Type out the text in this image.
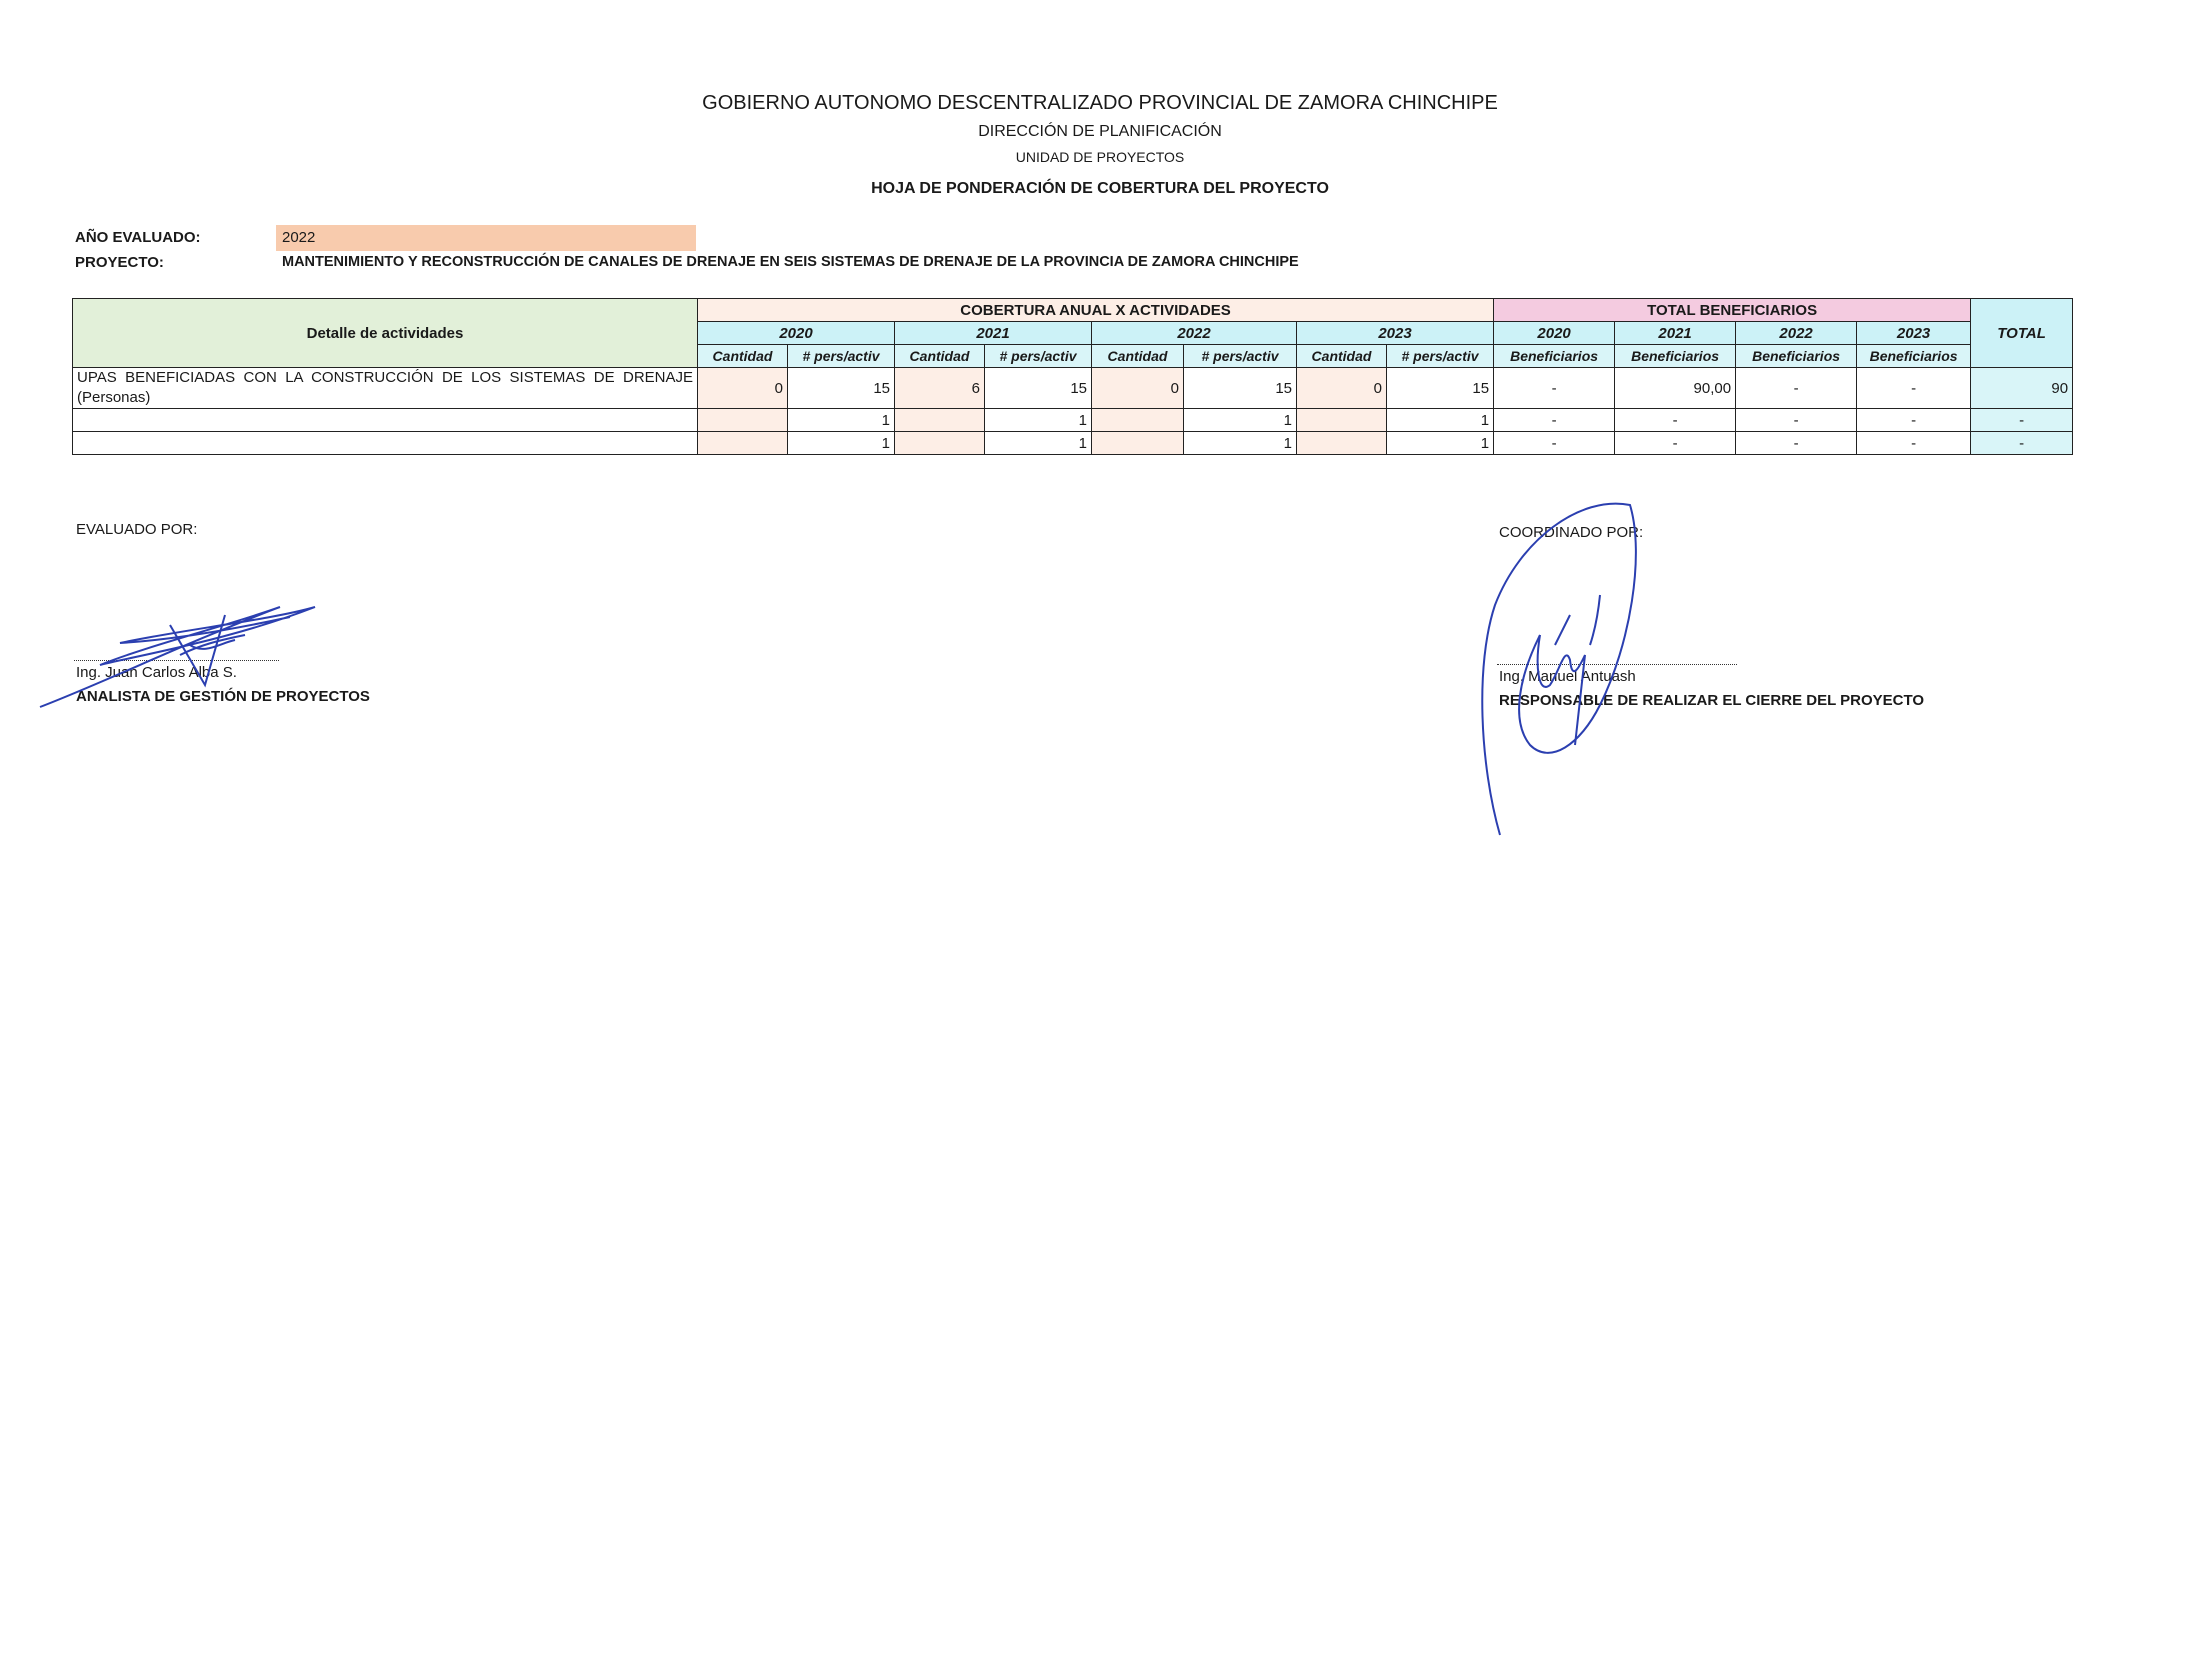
GOBIERNO AUTONOMO DESCENTRALIZADO PROVINCIAL DE ZAMORA CHINCHIPE
DIRECCIÓN DE PLANIFICACIÓN
UNIDAD DE PROYECTOS
HOJA DE PONDERACIÓN DE COBERTURA DEL PROYECTO
AÑO EVALUADO:	2022
PROYECTO:	MANTENIMIENTO Y RECONSTRUCCIÓN DE CANALES DE DRENAJE EN SEIS SISTEMAS DE DRENAJE DE LA PROVINCIA DE ZAMORA CHINCHIPE
Detalle de actividades	COBERTURA ANUAL X ACTIVIDADES								TOTAL BENEFICIARIOS				TOTAL
	2020		2021		2022		2023		2020	2021	2022	2023	
	Cantidad	# pers/activ	Cantidad	# pers/activ	Cantidad	# pers/activ	Cantidad	# pers/activ	Beneficiarios	Beneficiarios	Beneficiarios	Beneficiarios	
UPAS BENEFICIADAS CON LA CONSTRUCCIÓN DE LOS SISTEMAS DE DRENAJE (Personas)	0	15	6	15	0	15	0	15	-	90,00	-	-	90
		1		1		1		1	-	-	-	-	-
		1		1		1		1	-	-	-	-	-
EVALUADO POR:
Ing. Juan Carlos Alba S.
ANALISTA DE GESTIÓN DE PROYECTOS
COORDINADO POR:
Ing. Manuel Antuash
RESPONSABLE DE REALIZAR EL CIERRE DEL PROYECTO
